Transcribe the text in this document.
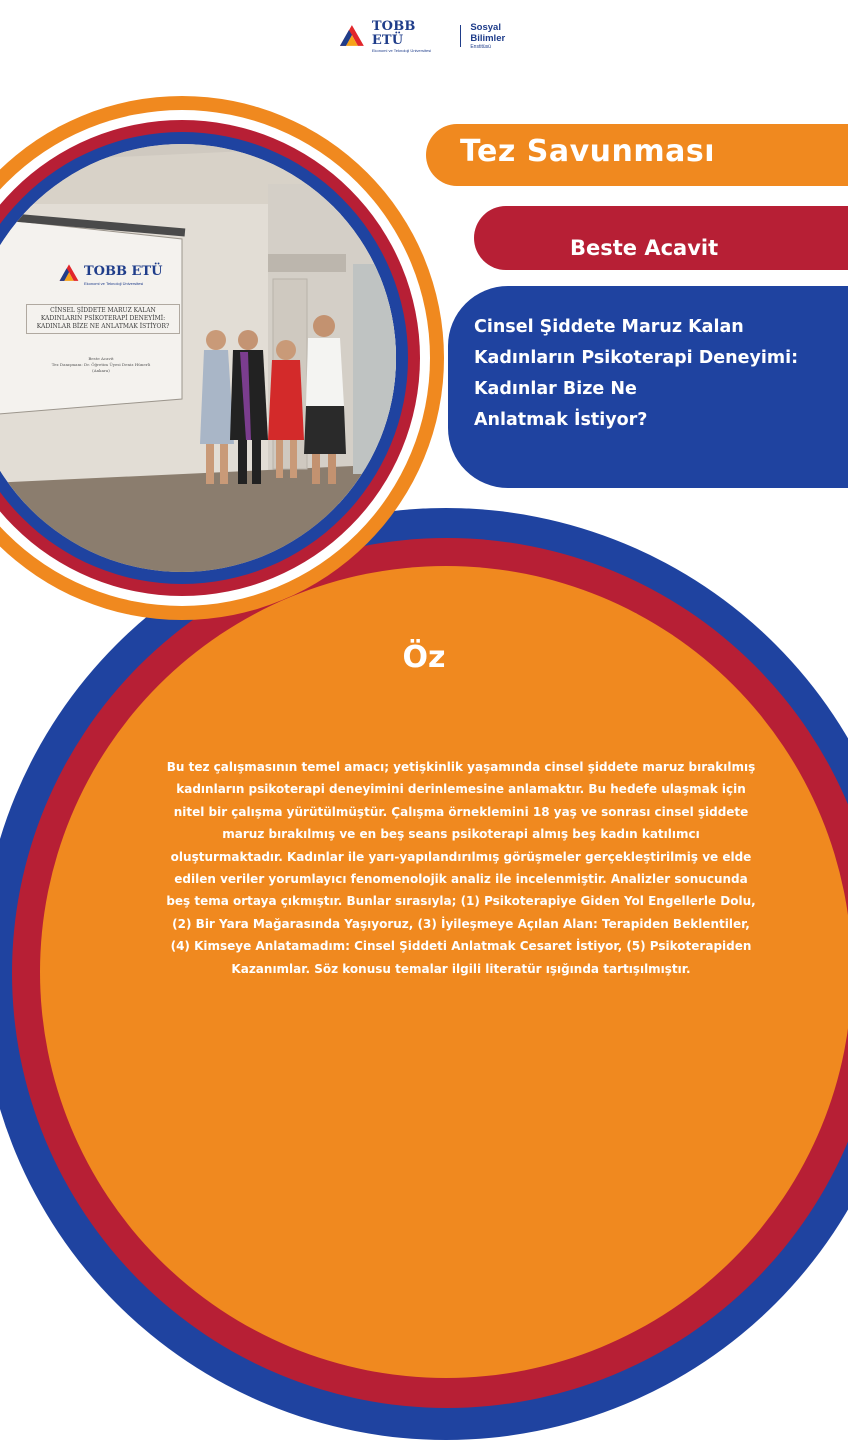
TOBB ETÜ
Ekonomi ve Teknoloji Üniversitesi
Sosyal Bilimler
Enstitüsü
TOBB ETÜ
Ekonomi ve Teknoloji Üniversitesi
CİNSEL ŞİDDETE MARUZ KALAN KADINLARIN PSİKOTERAPİ DENEYİMİ: KADINLAR BİZE NE ANLATMAK İSTİYOR?
Beste Acavit
Tez Danışmanı: Dr. Öğretim Üyesi Deniz Hünerli
(Ankara)
Tez Savunması
Beste Acavit
Cinsel Şiddete Maruz Kalan
Kadınların Psikoterapi Deneyimi:
Kadınlar Bize Ne
Anlatmak İstiyor?
Öz
Bu tez çalışmasının temel amacı; yetişkinlik yaşamında cinsel şiddete maruz bırakılmış kadınların psikoterapi deneyimini derinlemesine anlamaktır. Bu hedefe ulaşmak için nitel bir çalışma yürütülmüştür. Çalışma örneklemini 18 yaş ve sonrası cinsel şiddete maruz bırakılmış ve en beş seans psikoterapi almış beş kadın katılımcı oluşturmaktadır. Kadınlar ile yarı-yapılandırılmış görüşmeler gerçekleştirilmiş ve elde edilen veriler yorumlayıcı fenomenolojik analiz ile incelenmiştir. Analizler sonucunda beş tema ortaya çıkmıştır. Bunlar sırasıyla; (1) Psikoterapiye Giden Yol Engellerle Dolu, (2) Bir Yara Mağarasında Yaşıyoruz, (3) İyileşmeye Açılan Alan: Terapiden Beklentiler, (4) Kimseye Anlatamadım: Cinsel Şiddeti Anlatmak Cesaret İstiyor, (5) Psikoterapiden Kazanımlar. Söz konusu temalar ilgili literatür ışığında tartışılmıştır.
